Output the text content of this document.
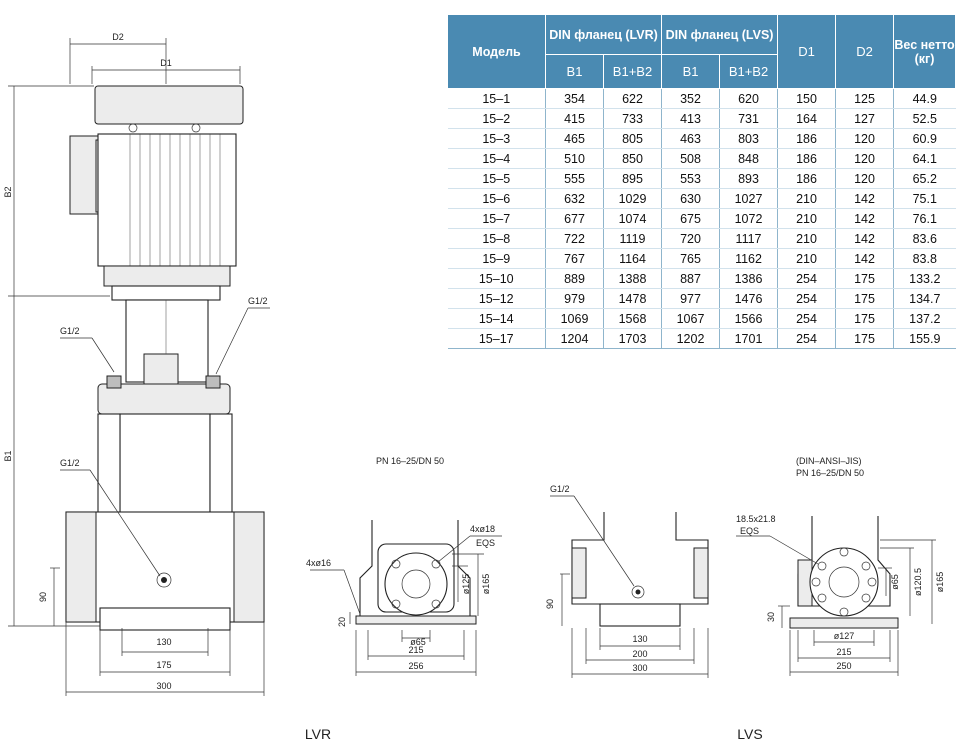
D2
D1
B2
B1
90
130
175
300
G1/2
G1/2
G1/2	PN 16–25/DN 50
ø65
215
256
ø125 ø165
20
4xø16
4xø18
EQS
LVR
130
200
300
90
G1/2
LVS
(DIN–ANSI–JIS)
PN 16–25/DN 50
ø127
215
250
ø65 ø120.5 ø165
30
18.5x21.8
EQS
Модель	DIN фланец (LVR)		DIN фланец (LVS)		D1	D2	Вес нетто (кг)
	B1	B1+B2	B1	B1+B2			
15–1	354	622	352	620	150	125	44.9
15–2	415	733	413	731	164	127	52.5
15–3	465	805	463	803	186	120	60.9
15–4	510	850	508	848	186	120	64.1
15–5	555	895	553	893	186	120	65.2
15–6	632	1029	630	1027	210	142	75.1
15–7	677	1074	675	1072	210	142	76.1
15–8	722	1119	720	1117	210	142	83.6
15–9	767	1164	765	1162	210	142	83.8
15–10	889	1388	887	1386	254	175	133.2
15–12	979	1478	977	1476	254	175	134.7
15–14	1069	1568	1067	1566	254	175	137.2
15–17	1204	1703	1202	1701	254	175	155.9
